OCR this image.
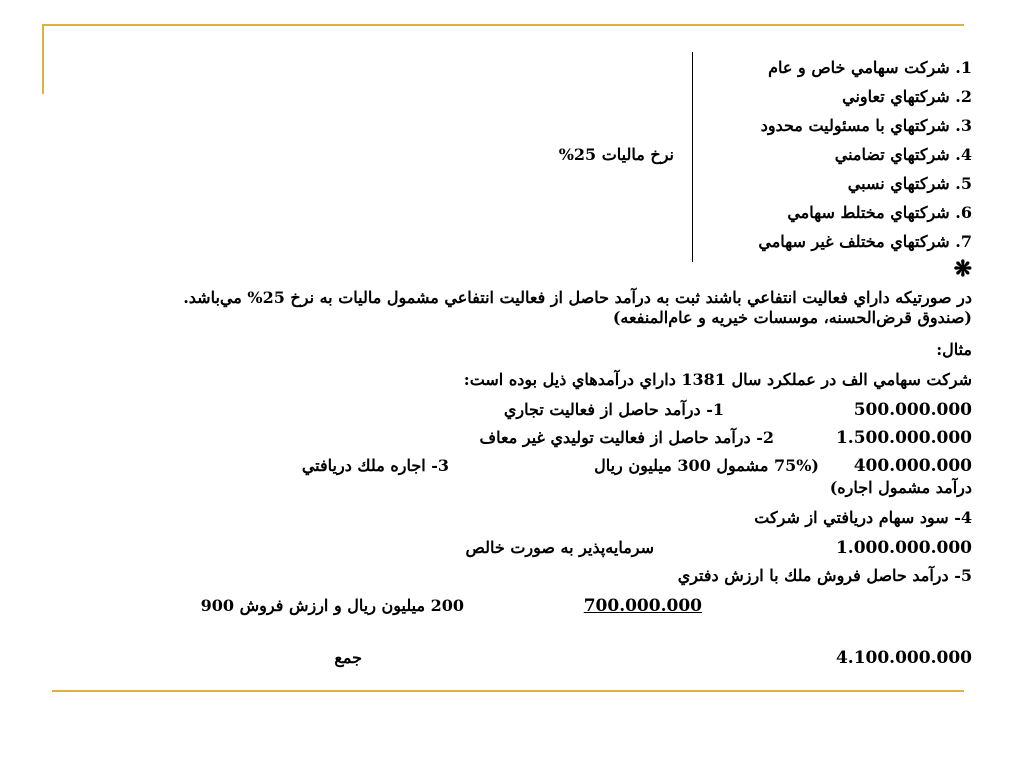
1. شركت سهامي خاص و عام
2. شركتهاي تعاوني
3. شركتهاي با مسئوليت محدود
4. شركتهاي تضامني
5. شركتهاي نسبي
6. شركتهاي مختلط سهامي
7. شركتهاي مختلف غير سهامي
نرخ ماليات 25%
❋
در صورتيكه داراي فعاليت انتفاعي باشند ثبت به درآمد حاصل از فعاليت انتفاعي مشمول ماليات به نرخ 25% مي‌باشد. (صندوق قرض‌الحسنه، موسسات خيريه و عام‌المنفعه)
مثال:
شركت سهامي الف در عملكرد سال 1381 داراي درآمدهاي ذيل بوده است:
500.000.000
1- درآمد حاصل از فعاليت تجاري
1.500.000.000
2- درآمد حاصل از فعاليت توليدي غير معاف
400.000.000
(75% مشمول 300 ميليون ريال
3- اجاره ملك دريافتي
درآمد مشمول اجاره)
4- سود سهام دريافتي از شركت
1.000.000.000
سرمايه‌پذير به صورت خالص
5- درآمد حاصل فروش ملك با ارزش دفتري
700.000.000
200 ميليون ريال و ارزش فروش 900
4.100.000.000
جمع
